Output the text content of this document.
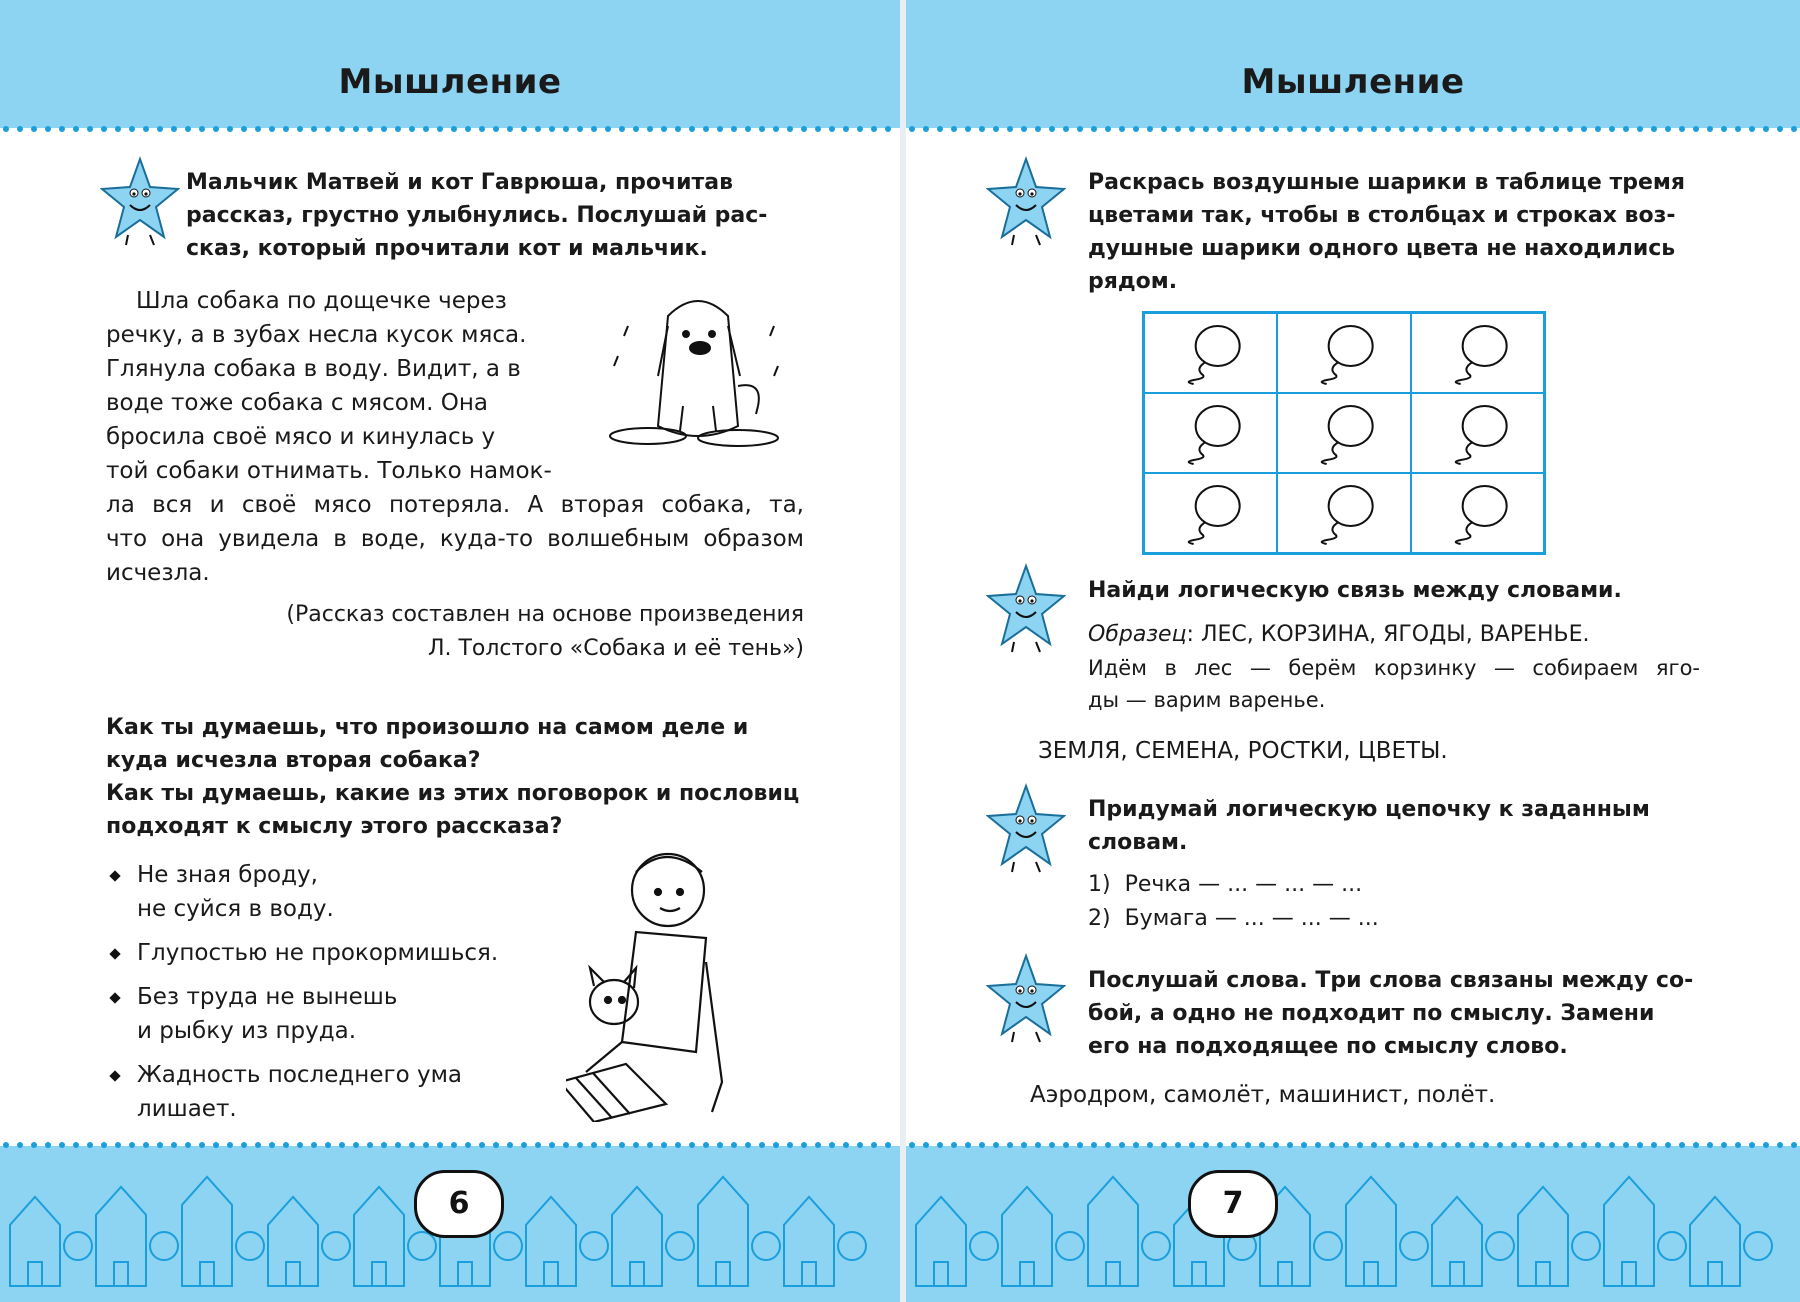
Мышление
Мальчик Матвей и кот Гаврюша, прочитав
рассказ, грустно улыбнулись. Послушай рас-
сказ, который прочитали кот и мальчик.
Шла собака по дощечке через
речку, а в зубах несла кусок мяса.
Глянула собака в воду. Видит, а в
воде тоже собака с мясом. Она
бросила своё мясо и кинулась у
той собаки отнимать. Только намок-
ла вся и своё мясо потеряла. А вторая собака, та,
что она увидела в воде, куда-то волшебным образом
исчезла.
(Рассказ составлен на основе произведения
Л. Толстого «Собака и её тень»)
Как ты думаешь, что произошло на самом деле и
куда исчезла вторая собака?
Как ты думаешь, какие из этих поговорок и пословиц
подходят к смыслу этого рассказа?
Не зная броду,
не суйся в воду.
Глупостью не прокормишься.
Без труда не вынешь
и рыбку из пруда.
Жадность последнего ума
лишает.
6
Мышление
Раскрась воздушные шарики в таблице тремя
цветами так, чтобы в столбцах и строках воз-
душные шарики одного цвета не находились
рядом.
Найди логическую связь между словами.
Образец: ЛЕС, КОРЗИНА, ЯГОДЫ, ВАРЕНЬЕ.
Идём в лес — берём корзинку — собираем яго-
ды — варим варенье.
ЗЕМЛЯ, СЕМЕНА, РОСТКИ, ЦВЕТЫ.
Придумай логическую цепочку к заданным
словам.
1) Речка — ... — ... — ...
2) Бумага — ... — ... — ...
Послушай слова. Три слова связаны между со-
бой, а одно не подходит по смыслу. Замени
его на подходящее по смыслу слово.
Аэродром, самолёт, машинист, полёт.
7
